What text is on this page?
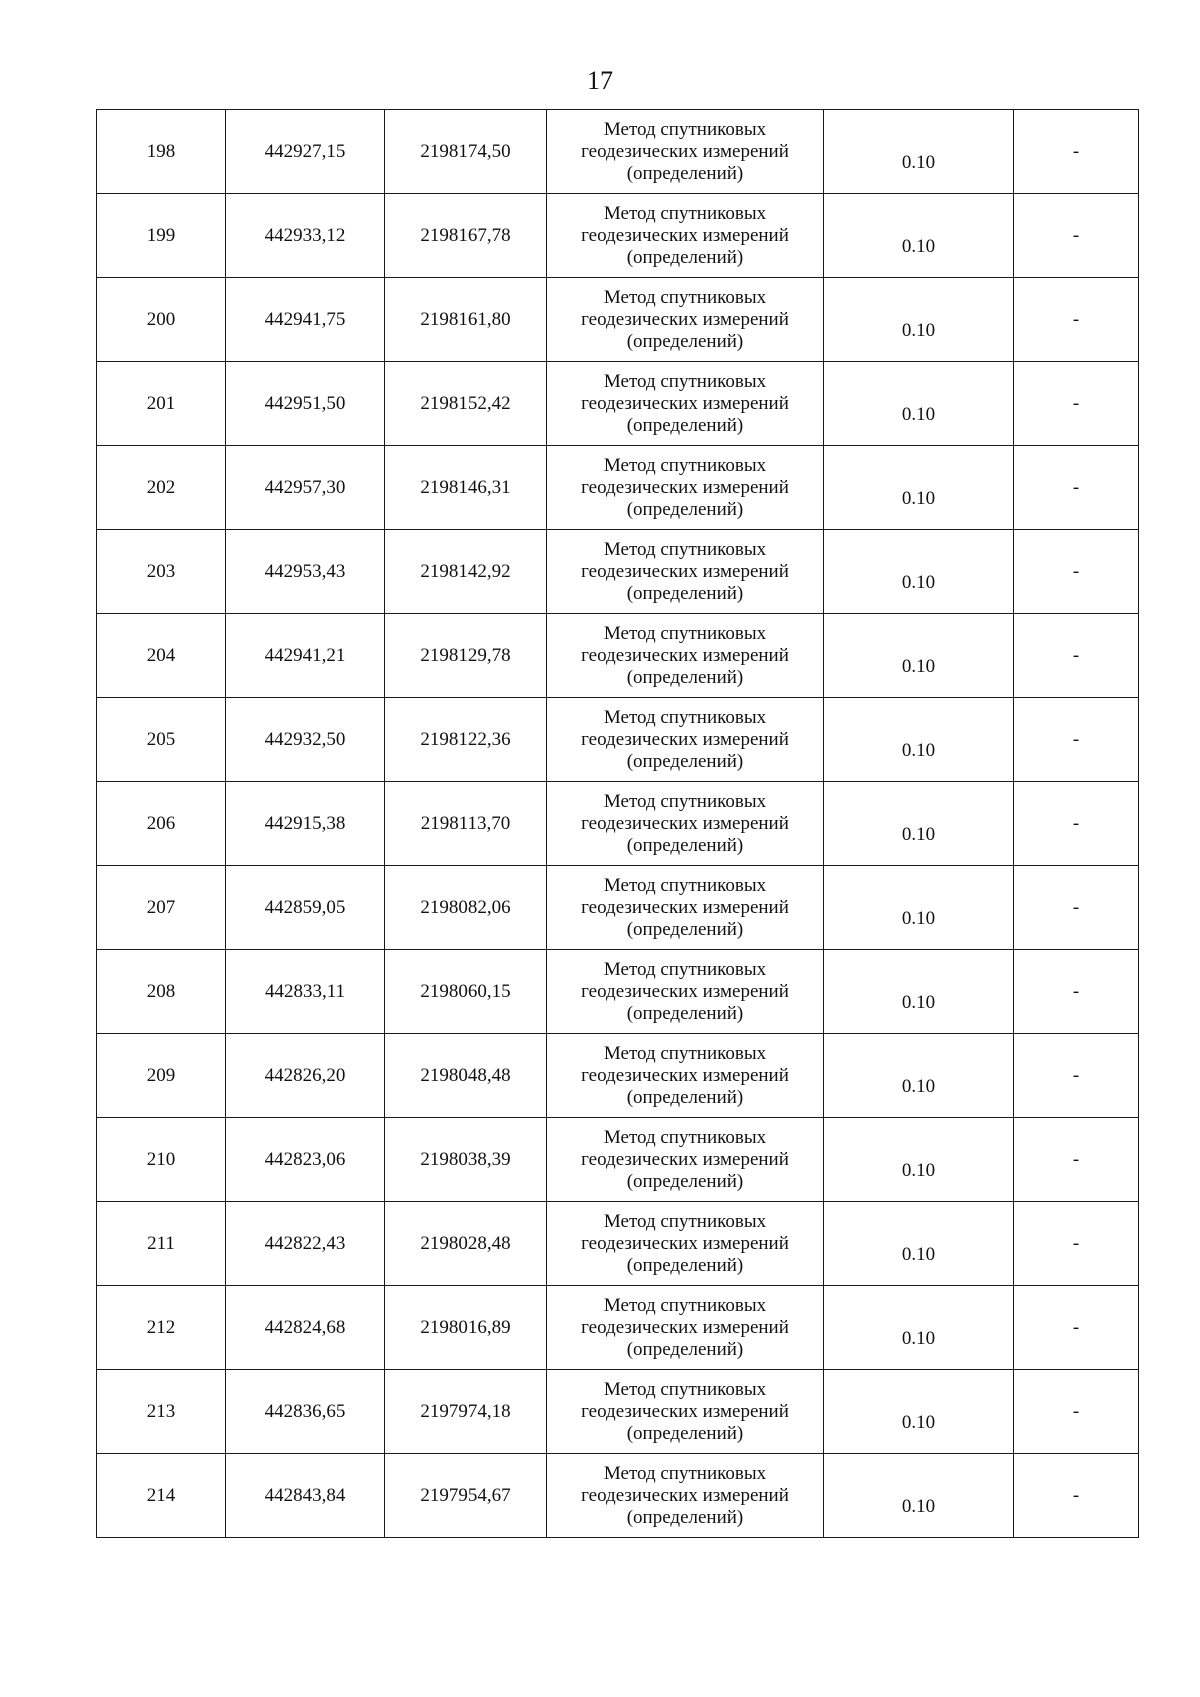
17
198	442927,15	2198174,50	Метод спутниковых
геодезических измерений
(определений)	0.10	-
199	442933,12	2198167,78	Метод спутниковых
геодезических измерений
(определений)	0.10	-
200	442941,75	2198161,80	Метод спутниковых
геодезических измерений
(определений)	0.10	-
201	442951,50	2198152,42	Метод спутниковых
геодезических измерений
(определений)	0.10	-
202	442957,30	2198146,31	Метод спутниковых
геодезических измерений
(определений)	0.10	-
203	442953,43	2198142,92	Метод спутниковых
геодезических измерений
(определений)	0.10	-
204	442941,21	2198129,78	Метод спутниковых
геодезических измерений
(определений)	0.10	-
205	442932,50	2198122,36	Метод спутниковых
геодезических измерений
(определений)	0.10	-
206	442915,38	2198113,70	Метод спутниковых
геодезических измерений
(определений)	0.10	-
207	442859,05	2198082,06	Метод спутниковых
геодезических измерений
(определений)	0.10	-
208	442833,11	2198060,15	Метод спутниковых
геодезических измерений
(определений)	0.10	-
209	442826,20	2198048,48	Метод спутниковых
геодезических измерений
(определений)	0.10	-
210	442823,06	2198038,39	Метод спутниковых
геодезических измерений
(определений)	0.10	-
211	442822,43	2198028,48	Метод спутниковых
геодезических измерений
(определений)	0.10	-
212	442824,68	2198016,89	Метод спутниковых
геодезических измерений
(определений)	0.10	-
213	442836,65	2197974,18	Метод спутниковых
геодезических измерений
(определений)	0.10	-
214	442843,84	2197954,67	Метод спутниковых
геодезических измерений
(определений)	0.10	-
